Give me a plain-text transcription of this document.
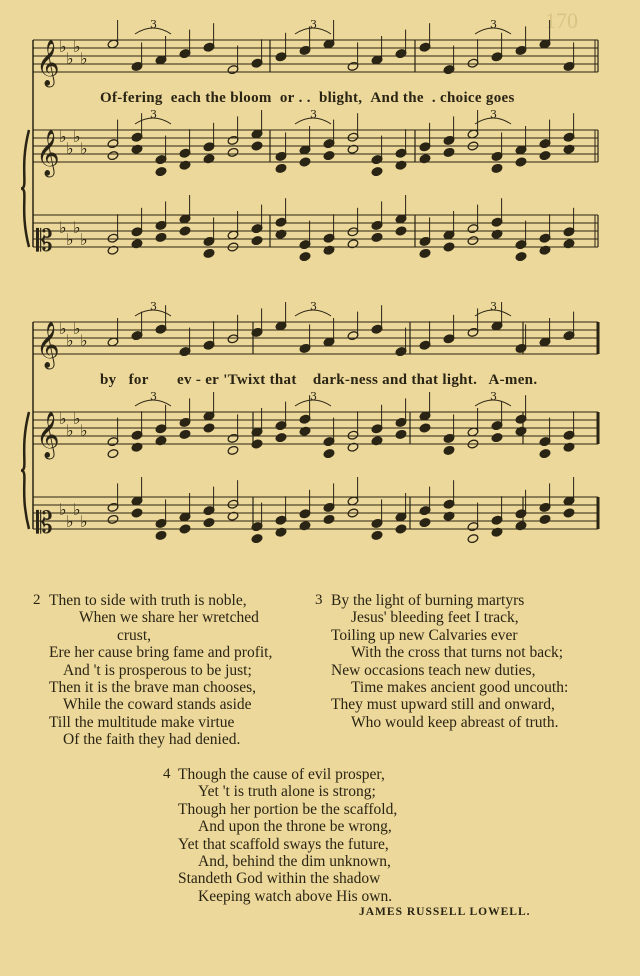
170
𝄞 ♭
♭
♭
♭
3	3	3
𝄞 ♭
♭
♭
♭
3	3	3
𝄡 ♭
♭
♭
♭
𝄞 ♭
♭
♭
♭
3	3	3
𝄞 ♭
♭
♭
♭
3	3	3
𝄡 ♭
♭
♭
♭
Of-fering each the bloom or . . blight, And the . choice goes
by for ev - er 'Twixt that dark-ness and that light. A-men.
2 Then to side with truth is noble,
When we share her wretched
crust,
Ere her cause bring fame and profit,
And 't is prosperous to be just;
Then it is the brave man chooses,
While the coward stands aside
Till the multitude make virtue
Of the faith they had denied.
3 By the light of burning martyrs
Jesus' bleeding feet I track,
Toiling up new Calvaries ever
With the cross that turns not back;
New occasions teach new duties,
Time makes ancient good uncouth:
They must upward still and onward,
Who would keep abreast of truth.
4 Though the cause of evil prosper,
Yet 't is truth alone is strong;
Though her portion be the scaffold,
And upon the throne be wrong,
Yet that scaffold sways the future,
And, behind the dim unknown,
Standeth God within the shadow
Keeping watch above His own.
JAMES RUSSELL LOWELL.
